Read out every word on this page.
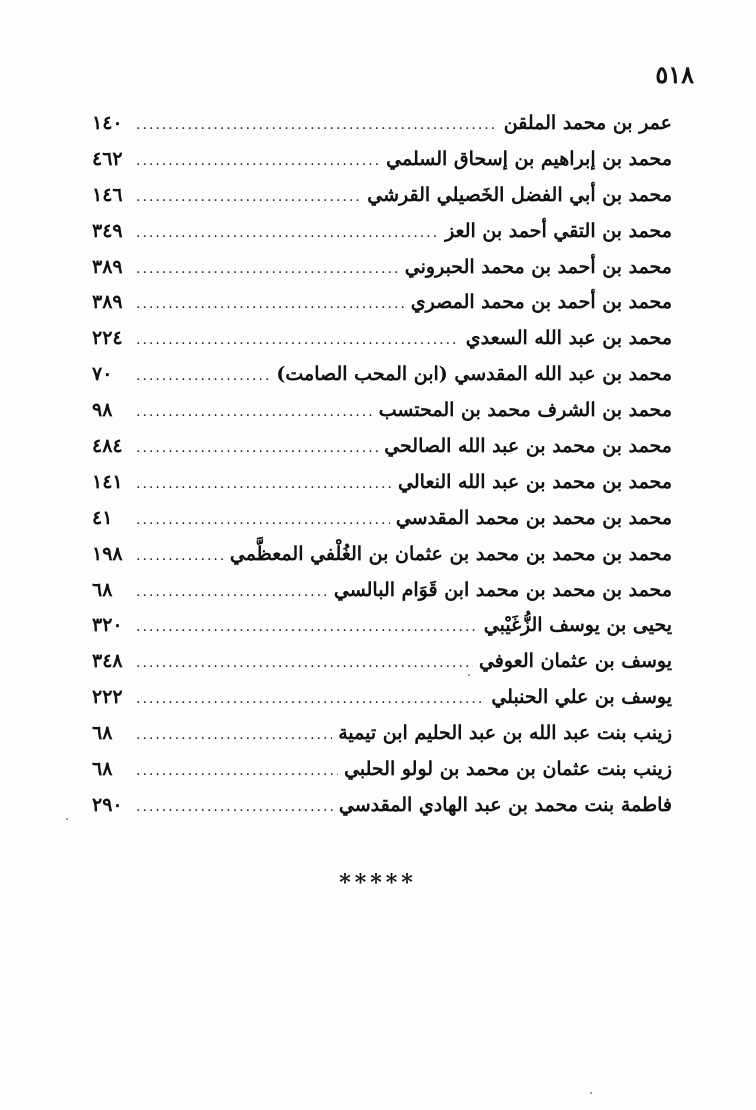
٥١٨
عمر بن محمد الملقن
.....
١٤٠
محمد بن إبراهيم بن إسحاق السلمي
.....
٤٦٢
محمد بن أبي الفضل الخَصيلي القرشي
.....
١٤٦
محمد بن التقي أحمد بن العز
.....
٣٤٩
محمد بن أحمد بن محمد الحبروني
.....
٣٨٩
محمد بن أحمد بن محمد المصري
.....
٣٨٩
محمد بن عبد الله السعدي
.....
٢٢٤
محمد بن عبد الله المقدسي (ابن المحب الصامت)
.....
٧٠
محمد بن الشرف محمد بن المحتسب
.....
٩٨
محمد بن محمد بن عبد الله الصالحي
.....
٤٨٤
محمد بن محمد بن عبد الله النعالي
.....
١٤١
محمد بن محمد بن محمد المقدسي
.....
٤١
محمد بن محمد بن محمد بن عثمان بن الغُلْفي المعظَّمي
.....
١٩٨
محمد بن محمد بن محمد ابن قَوَام البالسي
.....
٦٨
يحيى بن يوسف الزُّغَيْبي
.....
٣٢٠
يوسف بن عثمان العوفي
.....
٣٤٨
يوسف بن علي الحنبلي
.....
٢٢٢
زينب بنت عبد الله بن عبد الحليم ابن تيمية
.....
٦٨
زينب بنت عثمان بن محمد بن لولو الحلبي
.....
٦٨
فاطمة بنت محمد بن عبد الهادي المقدسي
.....
٢٩٠
*****
